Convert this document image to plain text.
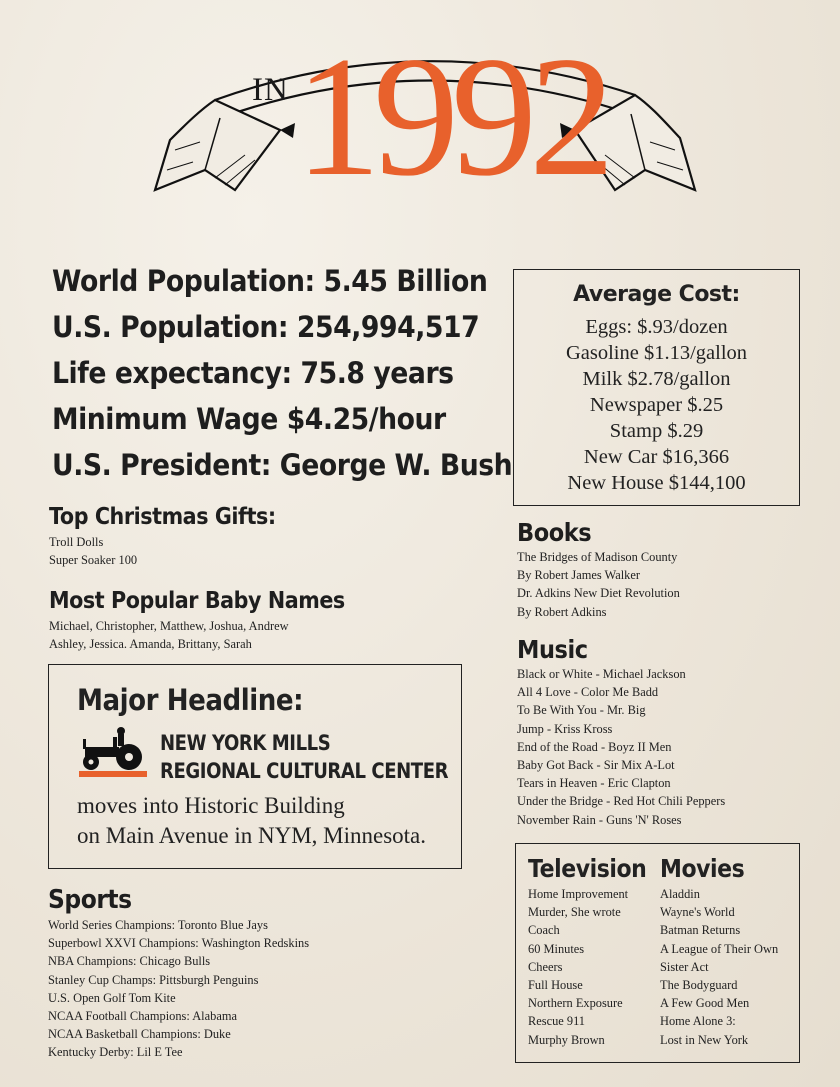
IN 1992
World Population: 5.45 Billion
U.S. Population: 254,994,517
Life expectancy: 75.8 years
Minimum Wage $4.25/hour
U.S. President: George W. Bush
Top Christmas Gifts:
Troll Dolls
Super Soaker 100
Most Popular Baby Names
Michael, Christopher, Matthew, Joshua, Andrew
Ashley, Jessica. Amanda, Brittany, Sarah
Major Headline:
NEW YORK MILLS
REGIONAL CULTURAL CENTER
moves into Historic Building
on Main Avenue in NYM, Minnesota.
Sports
World Series Champions: Toronto Blue Jays
Superbowl XXVI Champions: Washington Redskins
NBA Champions: Chicago Bulls
Stanley Cup Champs: Pittsburgh Penguins
U.S. Open Golf Tom Kite
NCAA Football Champions: Alabama
NCAA Basketball Champions: Duke
Kentucky Derby: Lil E Tee
Average Cost:
Eggs: $.93/dozen
Gasoline $1.13/gallon
Milk $2.78/gallon
Newspaper $.25
Stamp $.29
New Car $16,366
New House $144,100
Books
The Bridges of Madison County
By Robert James Walker
Dr. Adkins New Diet Revolution
By Robert Adkins
Music
Black or White - Michael Jackson
All 4 Love - Color Me Badd
To Be With You - Mr. Big
Jump - Kriss Kross
End of the Road - Boyz II Men
Baby Got Back - Sir Mix A-Lot
Tears in Heaven - Eric Clapton
Under the Bridge - Red Hot Chili Peppers
November Rain - Guns 'N' Roses
Television
Home Improvement
Murder, She wrote
Coach
60 Minutes
Cheers
Full House
Northern Exposure
Rescue 911
Murphy Brown
Movies
Aladdin
Wayne's World
Batman Returns
A League of Their Own
Sister Act
The Bodyguard
A Few Good Men
Home Alone 3:
Lost in New York
